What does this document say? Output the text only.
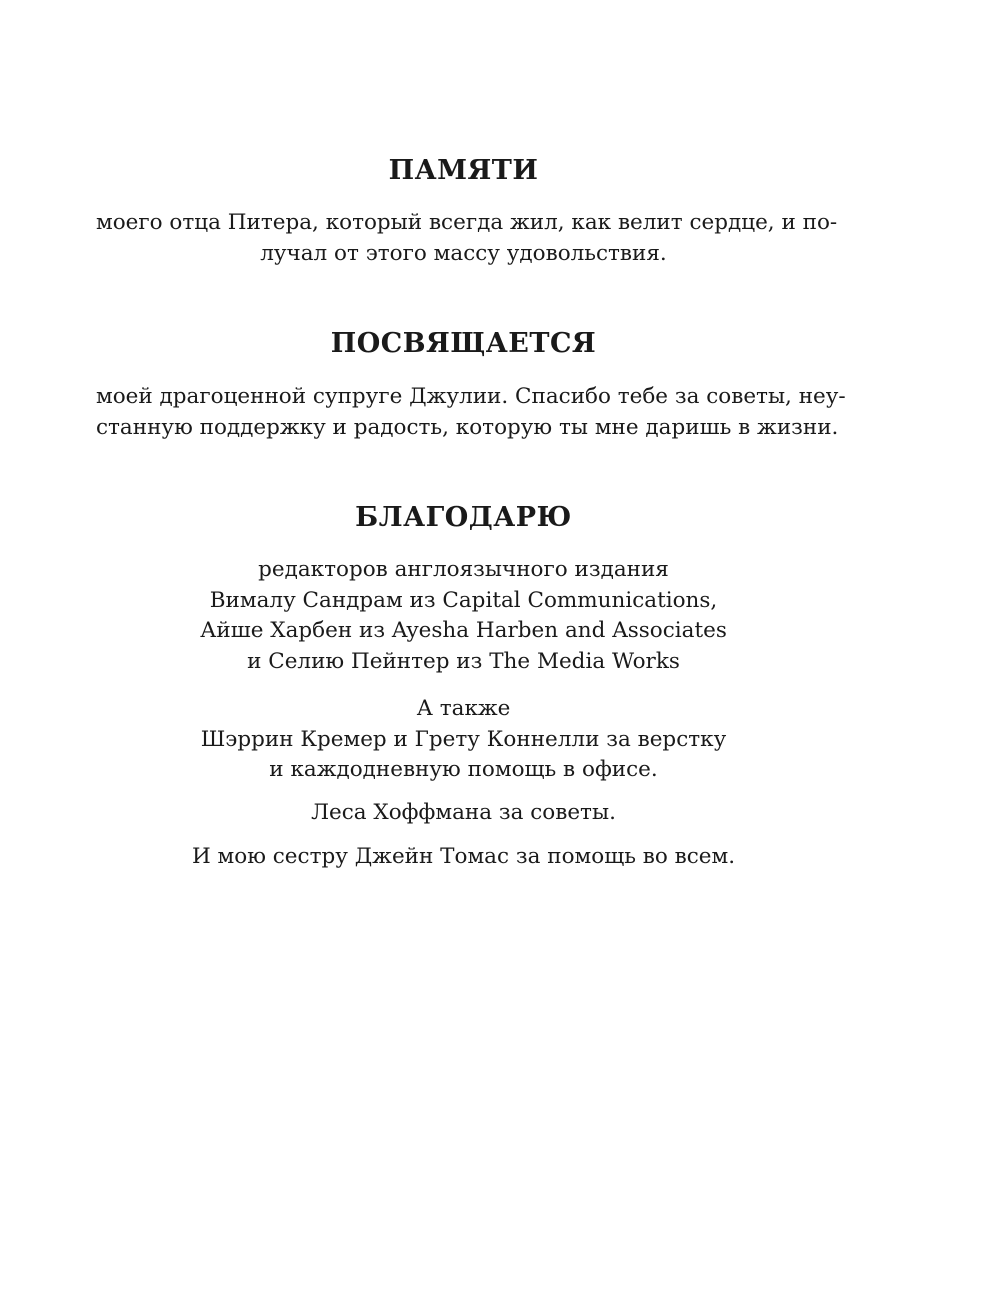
ПАМЯТИ

моего отца Питера, который всегда жил, как велит сердце, и по-
лучал от этого массу удовольствия.

ПОСВЯЩАЕТСЯ

моей драгоценной супруге Джулии. Спасибо тебе за советы, неу-
станную поддержку и радость, которую ты мне даришь в жизни.

БЛАГОДАРЮ

редакторов англоязычного издания
Вималу Сандрам из Capital Communications,
Айше Харбен из Ayesha Harben and Associates
и Селию Пейнтер из The Media Works

А также
Шэррин Кремер и Грету Коннелли за верстку
и каждодневную помощь в офисе.

Леса Хоффмана за советы.

И мою сестру Джейн Томас за помощь во всем.
